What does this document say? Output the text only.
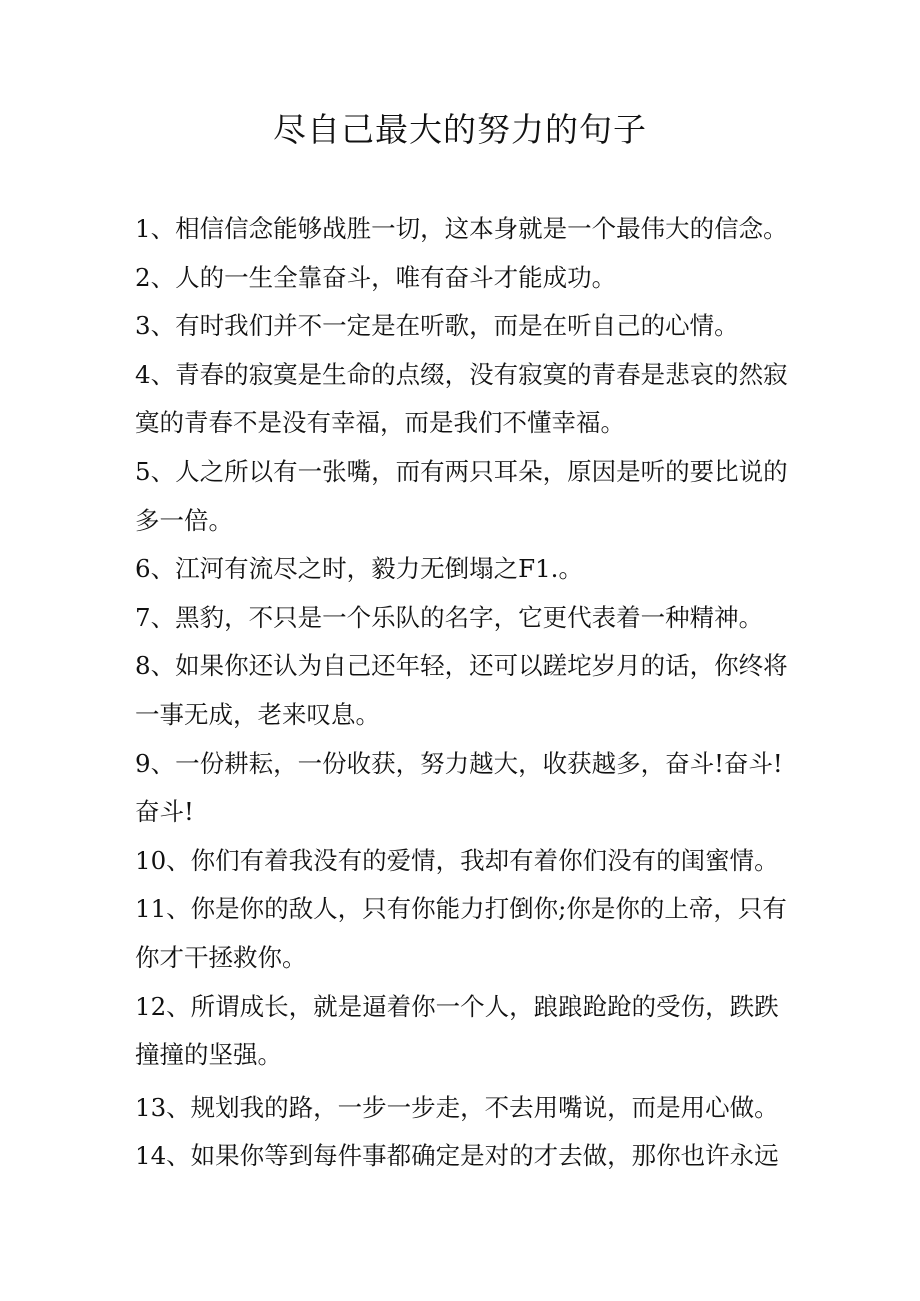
尽自己最大的努力的句子
1、相信信念能够战胜一切，这本身就是一个最伟大的信念。
2、人的一生全靠奋斗，唯有奋斗才能成功。
3、有时我们并不一定是在听歌，而是在听自己的心情。
4、青春的寂寞是生命的点缀，没有寂寞的青春是悲哀的然寂寞的青春不是没有幸福，而是我们不懂幸福。
5、人之所以有一张嘴，而有两只耳朵，原因是听的要比说的多一倍。
6、江河有流尽之时，毅力无倒塌之F1.。
7、黑豹，不只是一个乐队的名字，它更代表着一种精神。
8、如果你还认为自己还年轻，还可以蹉坨岁月的话，你终将一事无成，老来叹息。
9、一份耕耘，一份收获，努力越大，收获越多，奋斗!奋斗!奋斗!
10、你们有着我没有的爱情，我却有着你们没有的闺蜜情。
11、你是你的敌人，只有你能力打倒你;你是你的上帝，只有你才干拯救你。
12、所谓成长，就是逼着你一个人，踉踉跄跄的受伤，跌跌撞撞的坚强。
13、规划我的路，一步一步走，不去用嘴说，而是用心做。
14、如果你等到每件事都确定是对的才去做，那你也许永远
